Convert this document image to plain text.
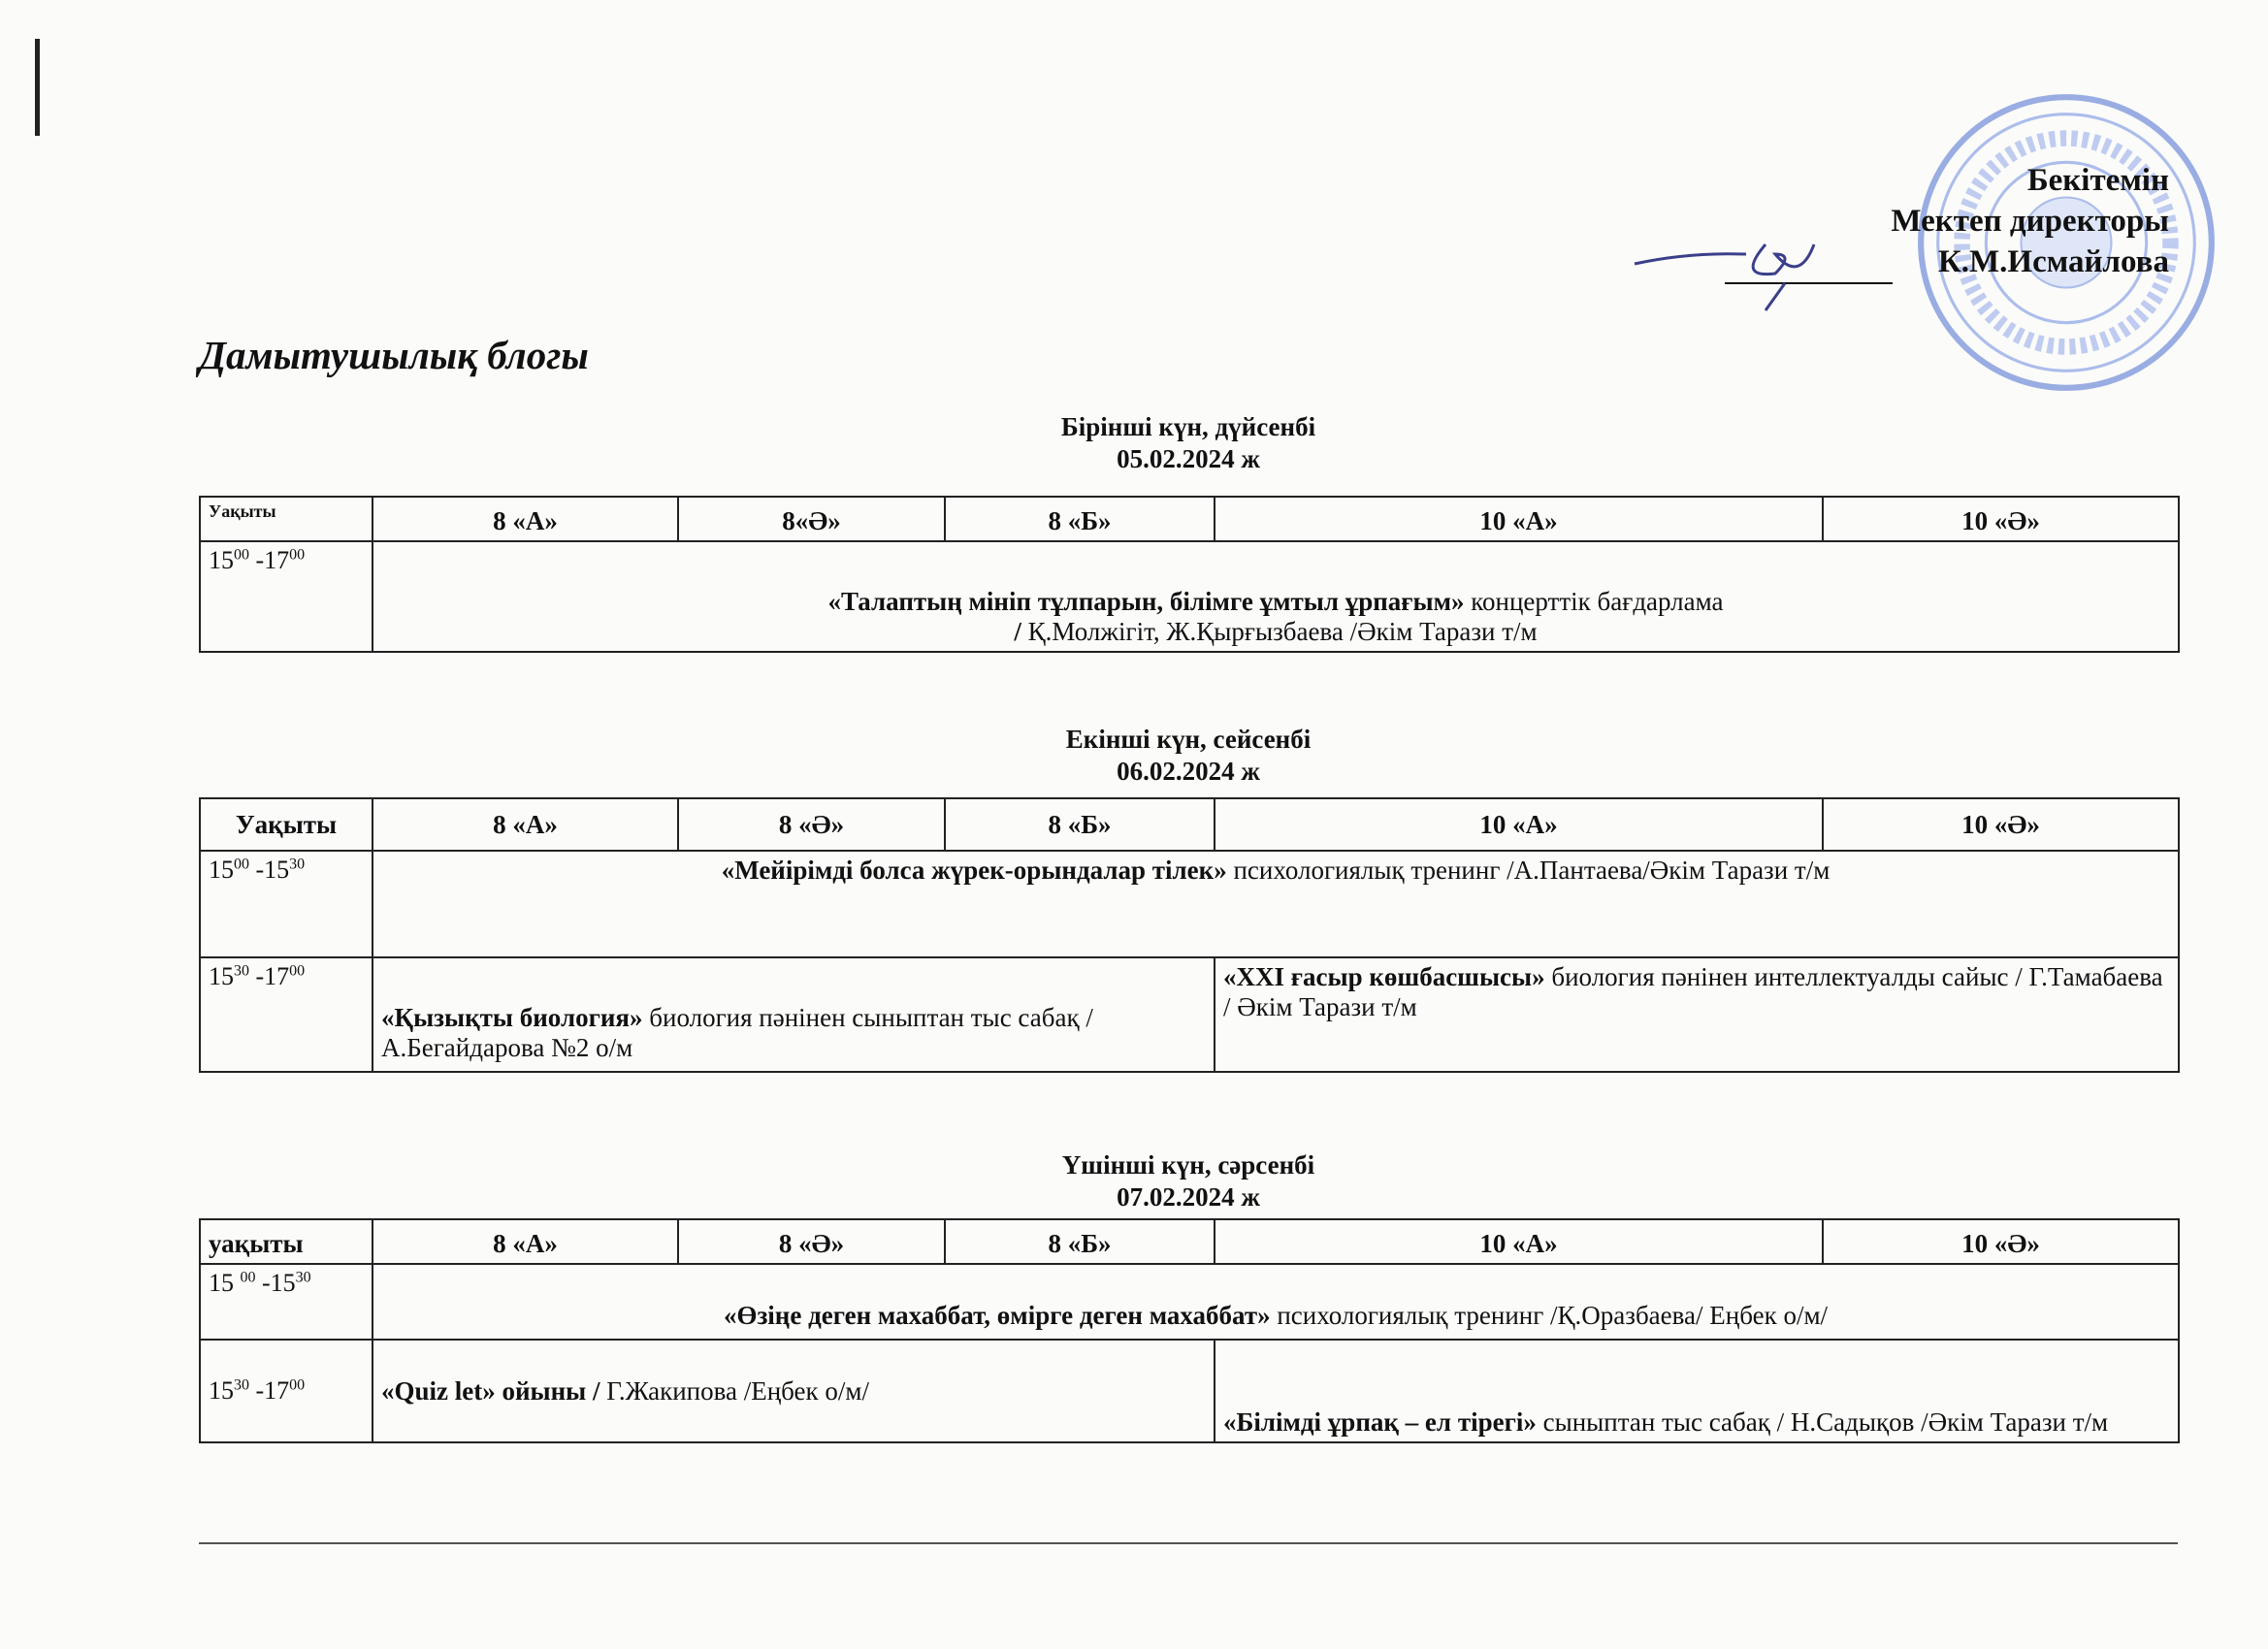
Бекітемін
Мектеп директоры
К.М.Исмайлова
Дамытушылық блогы
Бірінші күн, дүйсенбі
05.02.2024 ж
Уақыты	8 «А»	8«Ә»	8 «Б»	10 «А»	10 «Ә»
$15^{00}$ $-17^{00}$	«Талаптың мініп тұлпарын, білімге ұмтыл ұрпағым» концерттік бағдарлама
/ Қ.Молжігіт, Ж.Қырғызбаева /Әкім Тарази т/м				
Екінші күн, сейсенбі
06.02.2024 ж
Уақыты	8 «А»	8 «Ә»	8 «Б»	10 «А»	10 «Ә»
$15^{00}$ $-15^{30}$	«Мейірімді болса жүрек-орындалар тілек» психологиялық тренинг /А.Пантаева/Әкім Тарази т/м				
$15^{30}$ $-17^{00}$	«Қызықты биология» биология пәнінен сыныптан тыс сабақ / А.Бегайдарова №2 о/м			«XXI ғасыр көшбасшысы» биология пәнінен интеллектуалды сайыс / Г.Тамабаева / Әкім Тарази т/м	
Үшінші күн, сәрсенбі
07.02.2024 ж
уақыты	8 «А»	8 «Ә»	8 «Б»	10 «А»	10 «Ә»
15 $^{00}$ $-15^{30}$	«Өзіңе деген махаббат, өмірге деген махаббат» психологиялық тренинг /Қ.Оразбаева/ Еңбек о/м/				
$15^{30}$ $-17^{00}$	«Quiz let» ойыны / Г.Жакипова /Еңбек о/м/			«Білімді ұрпақ – ел тірегі» сыныптан тыс сабақ / Н.Садықов /Әкім Тарази т/м	
